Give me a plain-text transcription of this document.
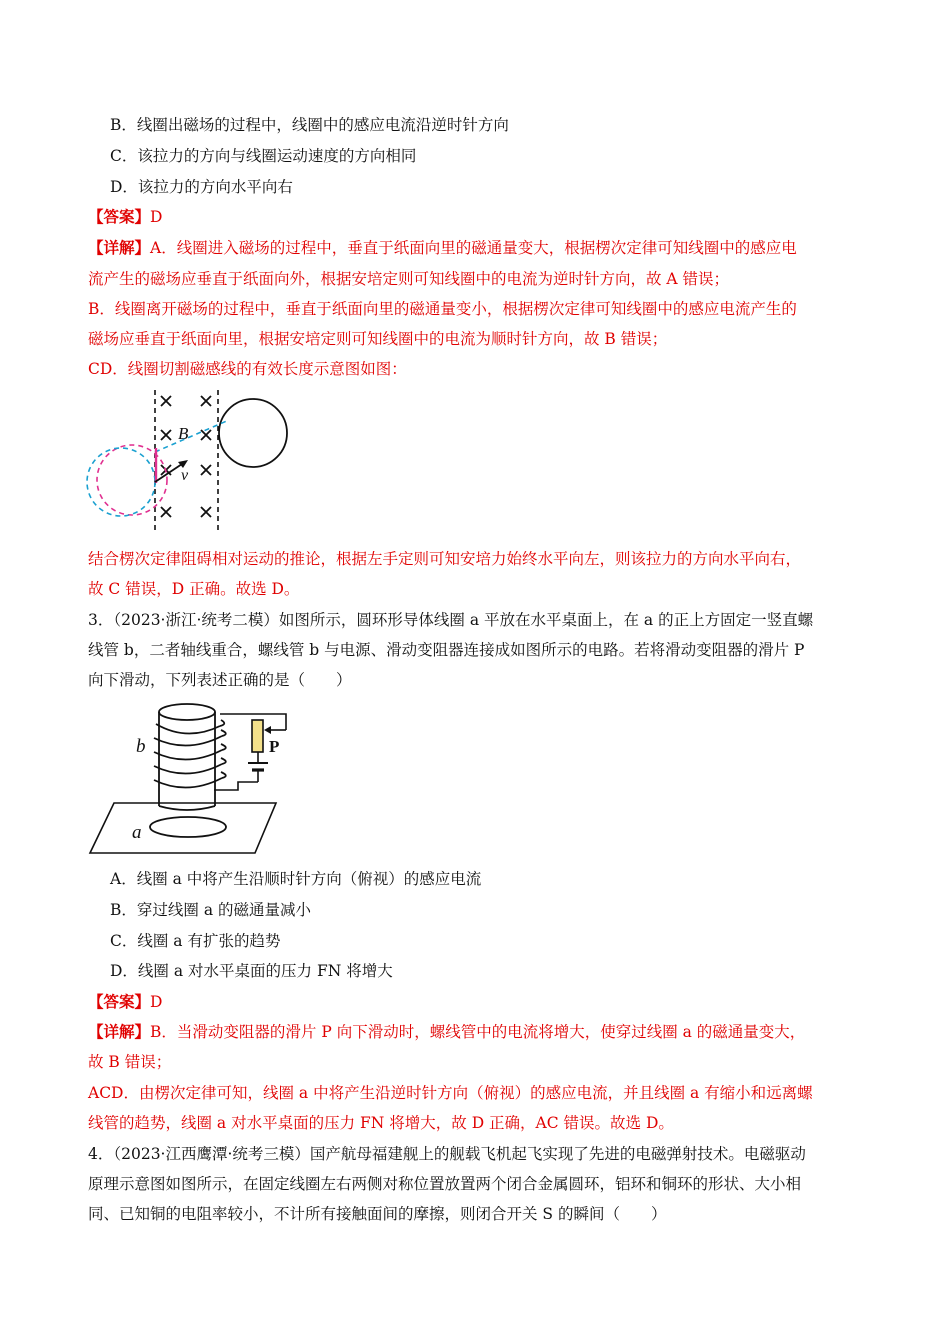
B．线圈出磁场的过程中，线圈中的感应电流沿逆时针方向
C．该拉力的方向与线圈运动速度的方向相同
D．该拉力的方向水平向右
【答案】D
【详解】A．线圈进入磁场的过程中，垂直于纸面向里的磁通量变大，根据楞次定律可知线圈中的感应电
流产生的磁场应垂直于纸面向外，根据安培定则可知线圈中的电流为逆时针方向，故 A 错误；
B．线圈离开磁场的过程中，垂直于纸面向里的磁通量变小，根据楞次定律可知线圈中的感应电流产生的
磁场应垂直于纸面向里，根据安培定则可知线圈中的电流为顺时针方向，故 B 错误；
CD．线圈切割磁感线的有效长度示意图如图：
B
v
结合楞次定律阻碍相对运动的推论，根据左手定则可知安培力始终水平向左，则该拉力的方向水平向右，
故 C 错误，D 正确。故选 D。
3．（2023·浙江·统考二模）如图所示，圆环形导体线圈 a 平放在水平桌面上，在 a 的正上方固定一竖直螺
线管 b，二者轴线重合，螺线管 b 与电源、滑动变阻器连接成如图所示的电路。若将滑动变阻器的滑片 P
向下滑动，下列表述正确的是（　　）
a
b	P
A．线圈 a 中将产生沿顺时针方向（俯视）的感应电流
B．穿过线圈 a 的磁通量减小
C．线圈 a 有扩张的趋势
D．线圈 a 对水平桌面的压力 FN 将增大
【答案】D
【详解】B．当滑动变阻器的滑片 P 向下滑动时，螺线管中的电流将增大，使穿过线圈 a 的磁通量变大，
故 B 错误；
ACD．由楞次定律可知，线圈 a 中将产生沿逆时针方向（俯视）的感应电流，并且线圈 a 有缩小和远离螺
线管的趋势，线圈 a 对水平桌面的压力 FN 将增大，故 D 正确，AC 错误。故选 D。
4．（2023·江西鹰潭·统考三模）国产航母福建舰上的舰载飞机起飞实现了先进的电磁弹射技术。电磁驱动
原理示意图如图所示，在固定线圈左右两侧对称位置放置两个闭合金属圆环，铝环和铜环的形状、大小相
同、已知铜的电阻率较小，不计所有接触面间的摩擦，则闭合开关 S 的瞬间（　　）
